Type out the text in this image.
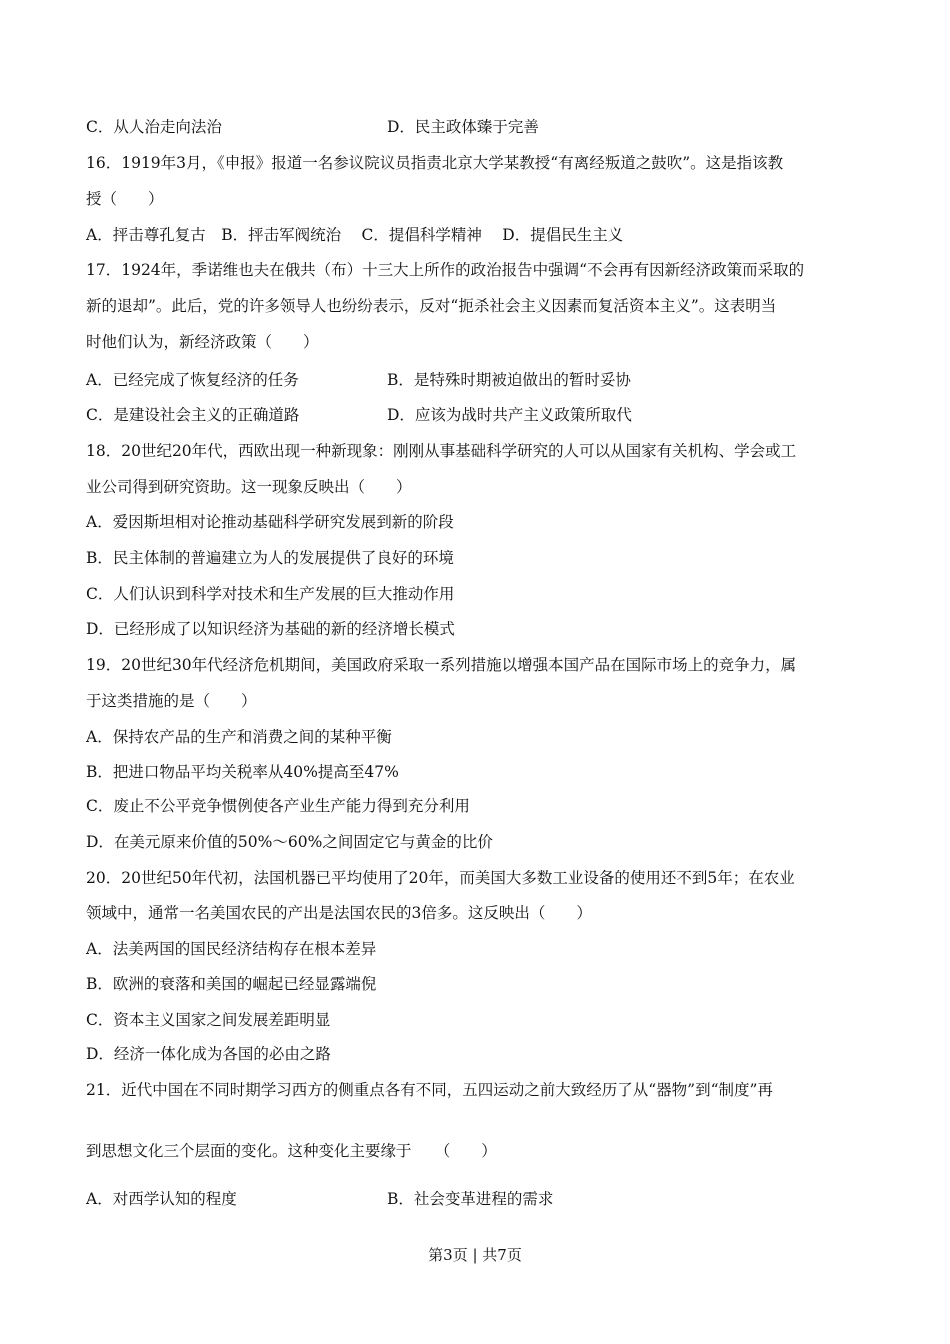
C．从人治走向法治	D．民主政体臻于完善
16．1919年3月，《申报》报道一名参议院议员指责北京大学某教授“有离经叛道之鼓吹”。这是指该教
授（　　）
A．抨击尊孔复古　B．抨击军阀统治　 C．提倡科学精神　 D．提倡民生主义
17．1924年，季诺维也夫在俄共（布）十三大上所作的政治报告中强调“不会再有因新经济政策而采取的
新的退却”。此后，党的许多领导人也纷纷表示，反对“扼杀社会主义因素而复活资本主义”。这表明当
时他们认为，新经济政策（　　）
A．已经完成了恢复经济的任务	B．是特殊时期被迫做出的暂时妥协
C．是建设社会主义的正确道路	D．应该为战时共产主义政策所取代
18．20世纪20年代，西欧出现一种新现象：刚刚从事基础科学研究的人可以从国家有关机构、学会或工
业公司得到研究资助。这一现象反映出（　　）
A．爱因斯坦相对论推动基础科学研究发展到新的阶段
B．民主体制的普遍建立为人的发展提供了良好的环境
C．人们认识到科学对技术和生产发展的巨大推动作用
D．已经形成了以知识经济为基础的新的经济增长模式
19．20世纪30年代经济危机期间，美国政府采取一系列措施以增强本国产品在国际市场上的竞争力，属
于这类措施的是（　　）
A．保持农产品的生产和消费之间的某种平衡
B．把进口物品平均关税率从40%提高至47%
C．废止不公平竞争惯例使各产业生产能力得到充分利用
D．在美元原来价值的50%～60%之间固定它与黄金的比价
20．20世纪50年代初，法国机器已平均使用了20年，而美国大多数工业设备的使用还不到5年；在农业
领域中，通常一名美国农民的产出是法国农民的3倍多。这反映出（　　）
A．法美两国的国民经济结构存在根本差异
B．欧洲的衰落和美国的崛起已经显露端倪
C．资本主义国家之间发展差距明显
D．经济一体化成为各国的必由之路
21．近代中国在不同时期学习西方的侧重点各有不同，五四运动之前大致经历了从“器物”到“制度”再
到思想文化三个层面的变化。这种变化主要缘于　　（　　）
A．对西学认知的程度	B．社会变革进程的需求
第3页 | 共7页
